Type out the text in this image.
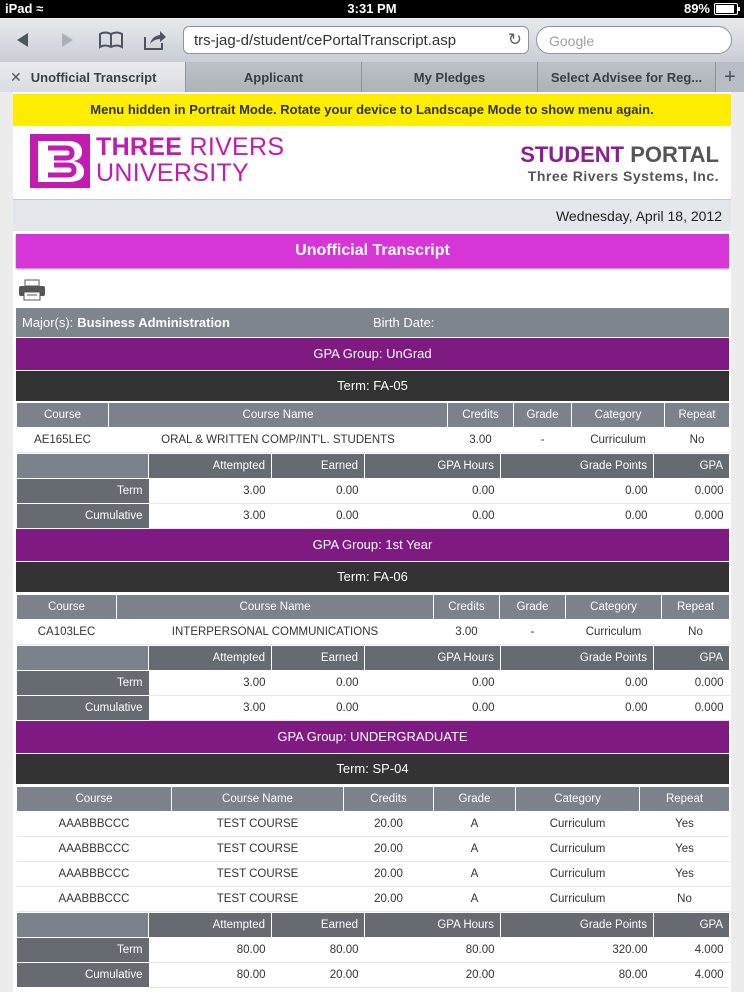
iPad ≈	3:31 PM	89%
trs-jag-d/student/cePortalTranscript.asp	↻	Google
✕ Unofficial Transcript	Applicant	My Pledges	Select Advisee for Reg...	+
Menu hidden in Portrait Mode. Rotate your device to Landscape Mode to show menu again.
THREE RIVERS
UNIVERSITY
STUDENT PORTAL
Three Rivers Systems, Inc.
Wednesday, April 18, 2012
Unofficial Transcript
Major(s): Business Administration	Birth Date:
GPA Group: UnGrad
Term: FA-05
Course	Course Name	Credits	Grade	Category	Repeat
AE165LEC	ORAL & WRITTEN COMP/INT'L. STUDENTS	3.00	-	Curriculum	No
	Attempted	Earned	GPA Hours	Grade Points	GPA
Term	3.00	0.00	0.00	0.00	0.000
Cumulative	3.00	0.00	0.00	0.00	0.000
GPA Group: 1st Year
Term: FA-06
Course	Course Name	Credits	Grade	Category	Repeat
CA103LEC	INTERPERSONAL COMMUNICATIONS	3.00	-	Curriculum	No
	Attempted	Earned	GPA Hours	Grade Points	GPA
Term	3.00	0.00	0.00	0.00	0.000
Cumulative	3.00	0.00	0.00	0.00	0.000
GPA Group: UNDERGRADUATE
Term: SP-04
Course	Course Name	Credits	Grade	Category	Repeat
AAABBBCCC	TEST COURSE	20.00	A	Curriculum	Yes
AAABBBCCC	TEST COURSE	20.00	A	Curriculum	Yes
AAABBBCCC	TEST COURSE	20.00	A	Curriculum	Yes
AAABBBCCC	TEST COURSE	20.00	A	Curriculum	No
	Attempted	Earned	GPA Hours	Grade Points	GPA
Term	80.00	80.00	80.00	320.00	4.000
Cumulative	80.00	20.00	20.00	80.00	4.000
